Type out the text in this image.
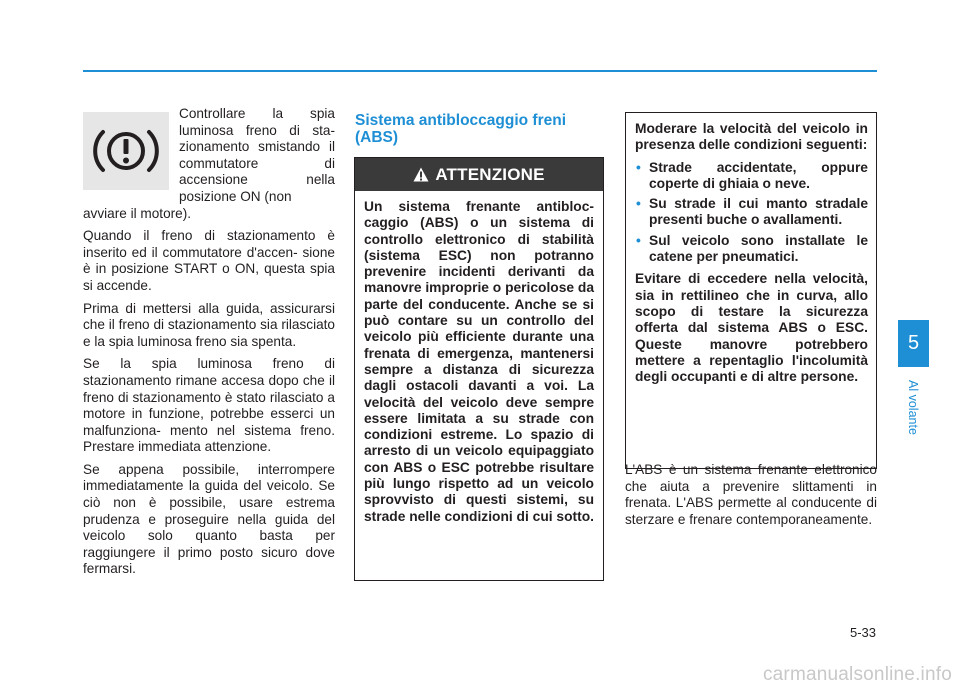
Controllare la spia luminosa freno di sta- zionamento smistando il commutatore di accensione nella posizione ON (non
avviare il motore).

Quando il freno di stazionamento è inserito ed il commutatore d'accen- sione è in posizione START o ON, questa spia si accende.

Prima di mettersi alla guida, assicurarsi che il freno di stazionamento sia rilasciato e la spia luminosa freno sia spenta.

Se la spia luminosa freno di stazionamento rimane accesa dopo che il freno di stazionamento è stato rilasciato a motore in funzione, potrebbe esserci un malfunziona- mento nel sistema freno. Prestare immediata attenzione.

Se appena possibile, interrompere immediatamente la guida del veicolo. Se ciò non è possibile, usare estrema prudenza e proseguire nella guida del veicolo solo quanto basta per raggiungere il primo posto sicuro dove fermarsi.

Sistema antibloccaggio freni (ABS)
ATTENZIONE
Un sistema frenante antibloc- caggio (ABS) o un sistema di controllo elettronico di stabilità (sistema ESC) non potranno prevenire incidenti derivanti da manovre improprie o pericolose da parte del conducente. Anche se si può contare su un controllo del veicolo più efficiente durante una frenata di emergenza, mantenersi sempre a distanza di sicurezza dagli ostacoli davanti a voi. La velocità del veicolo deve sempre essere limitata a su strade con condizioni estreme. Lo spazio di arresto di un veicolo equipaggiato con ABS o ESC potrebbe risultare più lungo rispetto ad un veicolo sprovvisto di questi sistemi, su strade nelle condizioni di cui sotto.

Moderare la velocità del veicolo in presenza delle condizioni seguenti:

• Strade accidentate, oppure coperte di ghiaia o neve.
• Su strade il cui manto stradale presenti buche o avallamenti.
• Sul veicolo sono installate le catene per pneumatici.

Evitare di eccedere nella velocità, sia in rettilineo che in curva, allo scopo di testare la sicurezza offerta dal sistema ABS o ESC. Queste manovre potrebbero mettere a repentaglio l'incolumità degli occupanti e di altre persone.

L'ABS è un sistema frenante elettronico che aiuta a prevenire slittamenti in frenata. L'ABS permette al conducente di sterzare e frenare contemporaneamente.
5
Al volante
5-33
carmanualsonline.info
